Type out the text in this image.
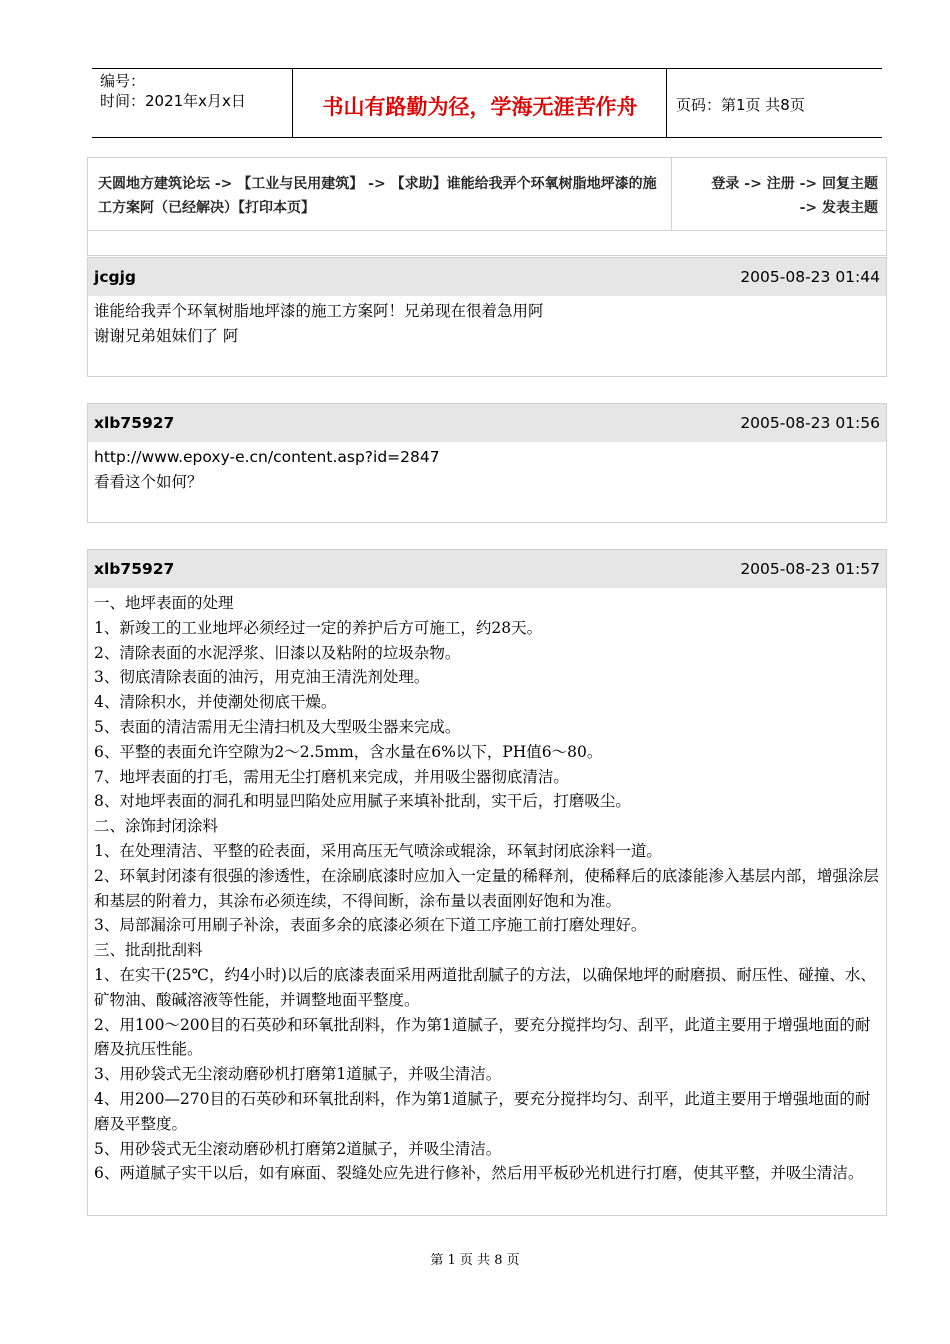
编号：
时间：2021年x月x日	书山有路勤为径，学海无涯苦作舟	页码：第1页 共8页
天圆地方建筑论坛 -> 【工业与民用建筑】 -> 【求助】谁能给我弄个环氧树脂地坪漆的施工方案阿（已经解决）【打印本页】
登录 -> 注册 -> 回复主题
-> 发表主题
jcgjg	2005-08-23 01:44

谁能给我弄个环氧树脂地坪漆的施工方案阿！兄弟现在很着急用阿

谢谢兄弟姐妹们了 阿

xlb75927	2005-08-23 01:56

http://www.epoxy-e.cn/content.asp?id=2847

看看这个如何？

xlb75927	2005-08-23 01:57

一、地坪表面的处理

1、新竣工的工业地坪必须经过一定的养护后方可施工，约28天。

2、清除表面的水泥浮浆、旧漆以及粘附的垃圾杂物。

3、彻底清除表面的油污，用克油王清洗剂处理。

4、清除积水，并使潮处彻底干燥。

5、表面的清洁需用无尘清扫机及大型吸尘器来完成。

6、平整的表面允许空隙为2～2.5mm，含水量在6%以下，PH值6～80。

7、地坪表面的打毛，需用无尘打磨机来完成，并用吸尘器彻底清洁。

8、对地坪表面的洞孔和明显凹陷处应用腻子来填补批刮，实干后，打磨吸尘。

二、涂饰封闭涂料

1、在处理清洁、平整的砼表面，采用高压无气喷涂或辊涂，环氧封闭底涂料一道。

2、环氧封闭漆有很强的渗透性，在涂刷底漆时应加入一定量的稀释剂，使稀释后的底漆能渗入基层内部，增强涂层和基层的附着力，其涂布必须连续，不得间断，涂布量以表面刚好饱和为准。

3、局部漏涂可用刷子补涂，表面多余的底漆必须在下道工序施工前打磨处理好。

三、批刮批刮料

1、在实干(25℃，约4小时)以后的底漆表面采用两道批刮腻子的方法，以确保地坪的耐磨损、耐压性、碰撞、水、矿物油、酸碱溶液等性能，并调整地面平整度。

2、用100～200目的石英砂和环氧批刮料，作为第1道腻子，要充分搅拌均匀、刮平，此道主要用于增强地面的耐磨及抗压性能。

3、用砂袋式无尘滚动磨砂机打磨第1道腻子，并吸尘清洁。

4、用200—270目的石英砂和环氧批刮料，作为第1道腻子，要充分搅拌均匀、刮平，此道主要用于增强地面的耐磨及平整度。

5、用砂袋式无尘滚动磨砂机打磨第2道腻子，并吸尘清洁。

6、两道腻子实干以后，如有麻面、裂缝处应先进行修补，然后用平板砂光机进行打磨，使其平整，并吸尘清洁。

第 1 页 共 8 页
